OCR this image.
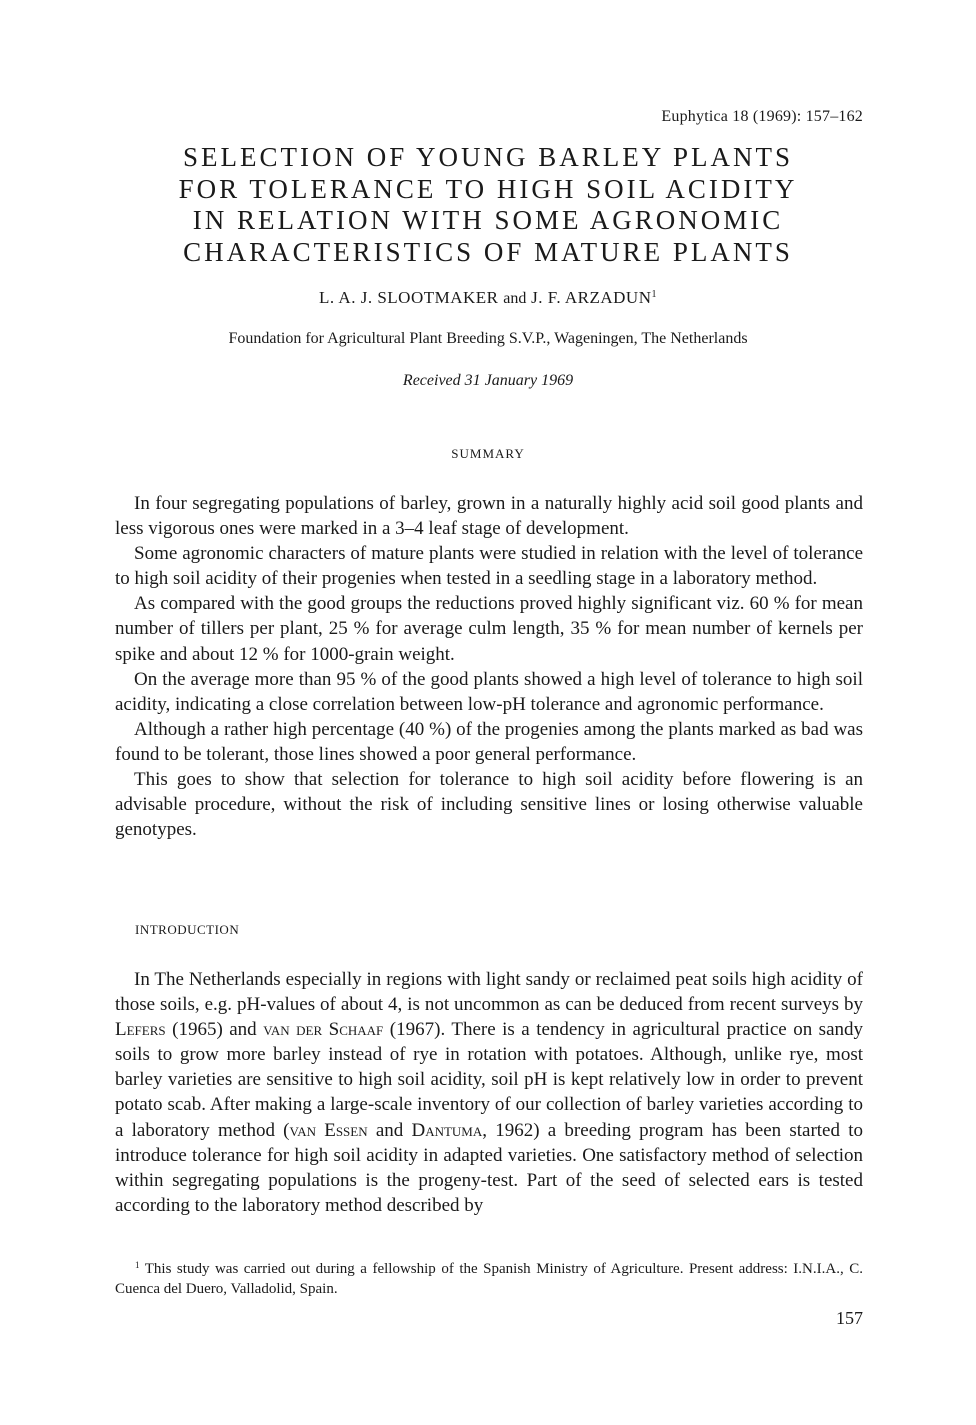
Euphytica 18 (1969): 157–162
SELECTION OF YOUNG BARLEY PLANTS
FOR TOLERANCE TO HIGH SOIL ACIDITY
IN RELATION WITH SOME AGRONOMIC
CHARACTERISTICS OF MATURE PLANTS
L. A. J. SLOOTMAKER and J. F. ARZADUN$^1$
Foundation for Agricultural Plant Breeding S.V.P., Wageningen, The Netherlands
Received 31 January 1969
SUMMARY

In four segregating populations of barley, grown in a naturally highly acid soil good plants and less vigorous ones were marked in a 3–4 leaf stage of development.

Some agronomic characters of mature plants were studied in relation with the level of tolerance to high soil acidity of their progenies when tested in a seedling stage in a laboratory method.

As compared with the good groups the reductions proved highly significant viz. 60 % for mean number of tillers per plant, 25 % for average culm length, 35 % for mean number of kernels per spike and about 12 % for 1000-grain weight.

On the average more than 95 % of the good plants showed a high level of tolerance to high soil acidity, indicating a close correlation between low-pH tolerance and agronomic performance.

Although a rather high percentage (40 %) of the progenies among the plants marked as bad was found to be tolerant, those lines showed a poor general performance.

This goes to show that selection for tolerance to high soil acidity before flowering is an advisable procedure, without the risk of including sensitive lines or losing otherwise valuable genotypes.

INTRODUCTION

In The Netherlands especially in regions with light sandy or reclaimed peat soils high acidity of those soils, e.g. pH-values of about 4, is not uncommon as can be deduced from recent surveys by Lefers (1965) and van der Schaaf (1967). There is a tendency in agricultural practice on sandy soils to grow more barley instead of rye in rotation with potatoes. Although, unlike rye, most barley varieties are sensitive to high soil acidity, soil pH is kept relatively low in order to prevent potato scab. After making a large-scale inventory of our collection of barley varieties according to a laboratory method (van Essen and Dantuma, 1962) a breeding program has been started to introduce tolerance for high soil acidity in adapted varieties. One satisfactory method of selection within segregating populations is the progeny-test. Part of the seed of selected ears is tested according to the laboratory method described by

$^1$ This study was carried out during a fellowship of the Spanish Ministry of Agriculture. Present address: I.N.I.A., C. Cuenca del Duero, Valladolid, Spain.

157
